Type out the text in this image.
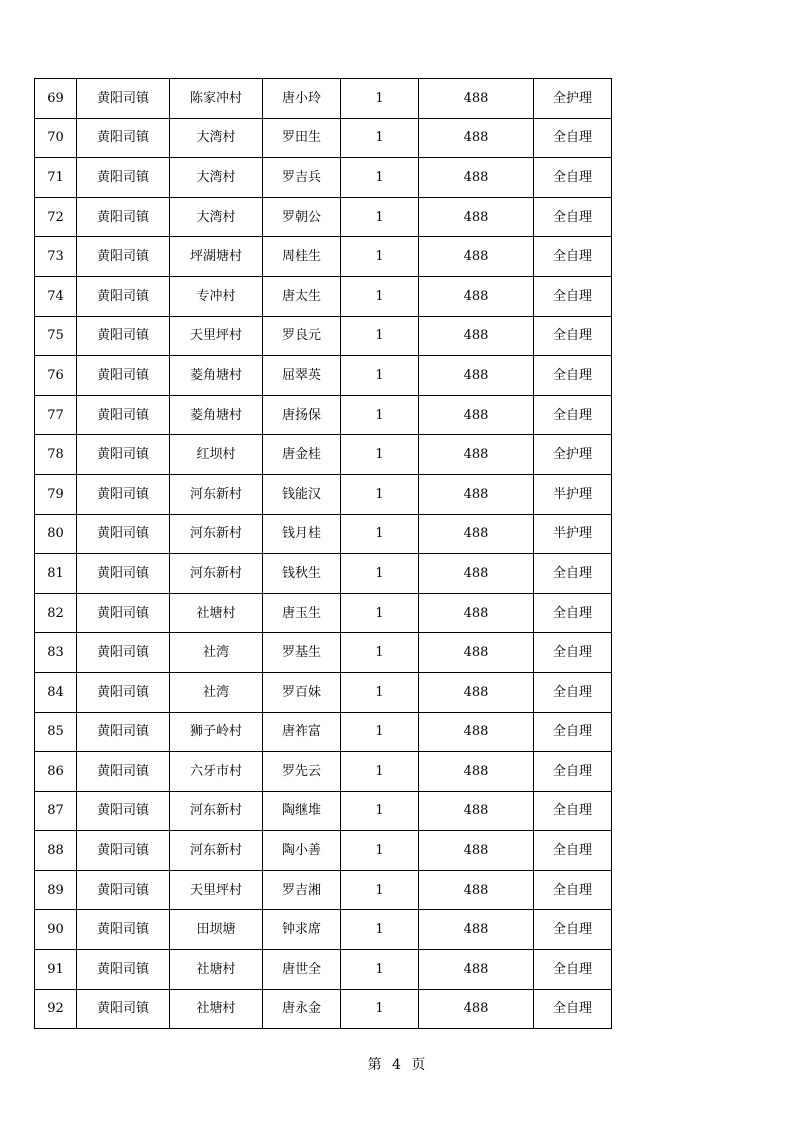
69	黄阳司镇	陈家冲村	唐小玲	1	488	全护理
70	黄阳司镇	大湾村	罗田生	1	488	全自理
71	黄阳司镇	大湾村	罗吉兵	1	488	全自理
72	黄阳司镇	大湾村	罗朝公	1	488	全自理
73	黄阳司镇	坪湖塘村	周桂生	1	488	全自理
74	黄阳司镇	专冲村	唐太生	1	488	全自理
75	黄阳司镇	天里坪村	罗良元	1	488	全自理
76	黄阳司镇	菱角塘村	屈翠英	1	488	全自理
77	黄阳司镇	菱角塘村	唐扬保	1	488	全自理
78	黄阳司镇	红坝村	唐金桂	1	488	全护理
79	黄阳司镇	河东新村	钱能汉	1	488	半护理
80	黄阳司镇	河东新村	钱月桂	1	488	半护理
81	黄阳司镇	河东新村	钱秋生	1	488	全自理
82	黄阳司镇	社塘村	唐玉生	1	488	全自理
83	黄阳司镇	社湾	罗基生	1	488	全自理
84	黄阳司镇	社湾	罗百妹	1	488	全自理
85	黄阳司镇	狮子岭村	唐祚富	1	488	全自理
86	黄阳司镇	六牙市村	罗先云	1	488	全自理
87	黄阳司镇	河东新村	陶继堆	1	488	全自理
88	黄阳司镇	河东新村	陶小善	1	488	全自理
89	黄阳司镇	天里坪村	罗吉湘	1	488	全自理
90	黄阳司镇	田坝塘	钟求席	1	488	全自理
91	黄阳司镇	社塘村	唐世全	1	488	全自理
92	黄阳司镇	社塘村	唐永金	1	488	全自理
第 4 页
